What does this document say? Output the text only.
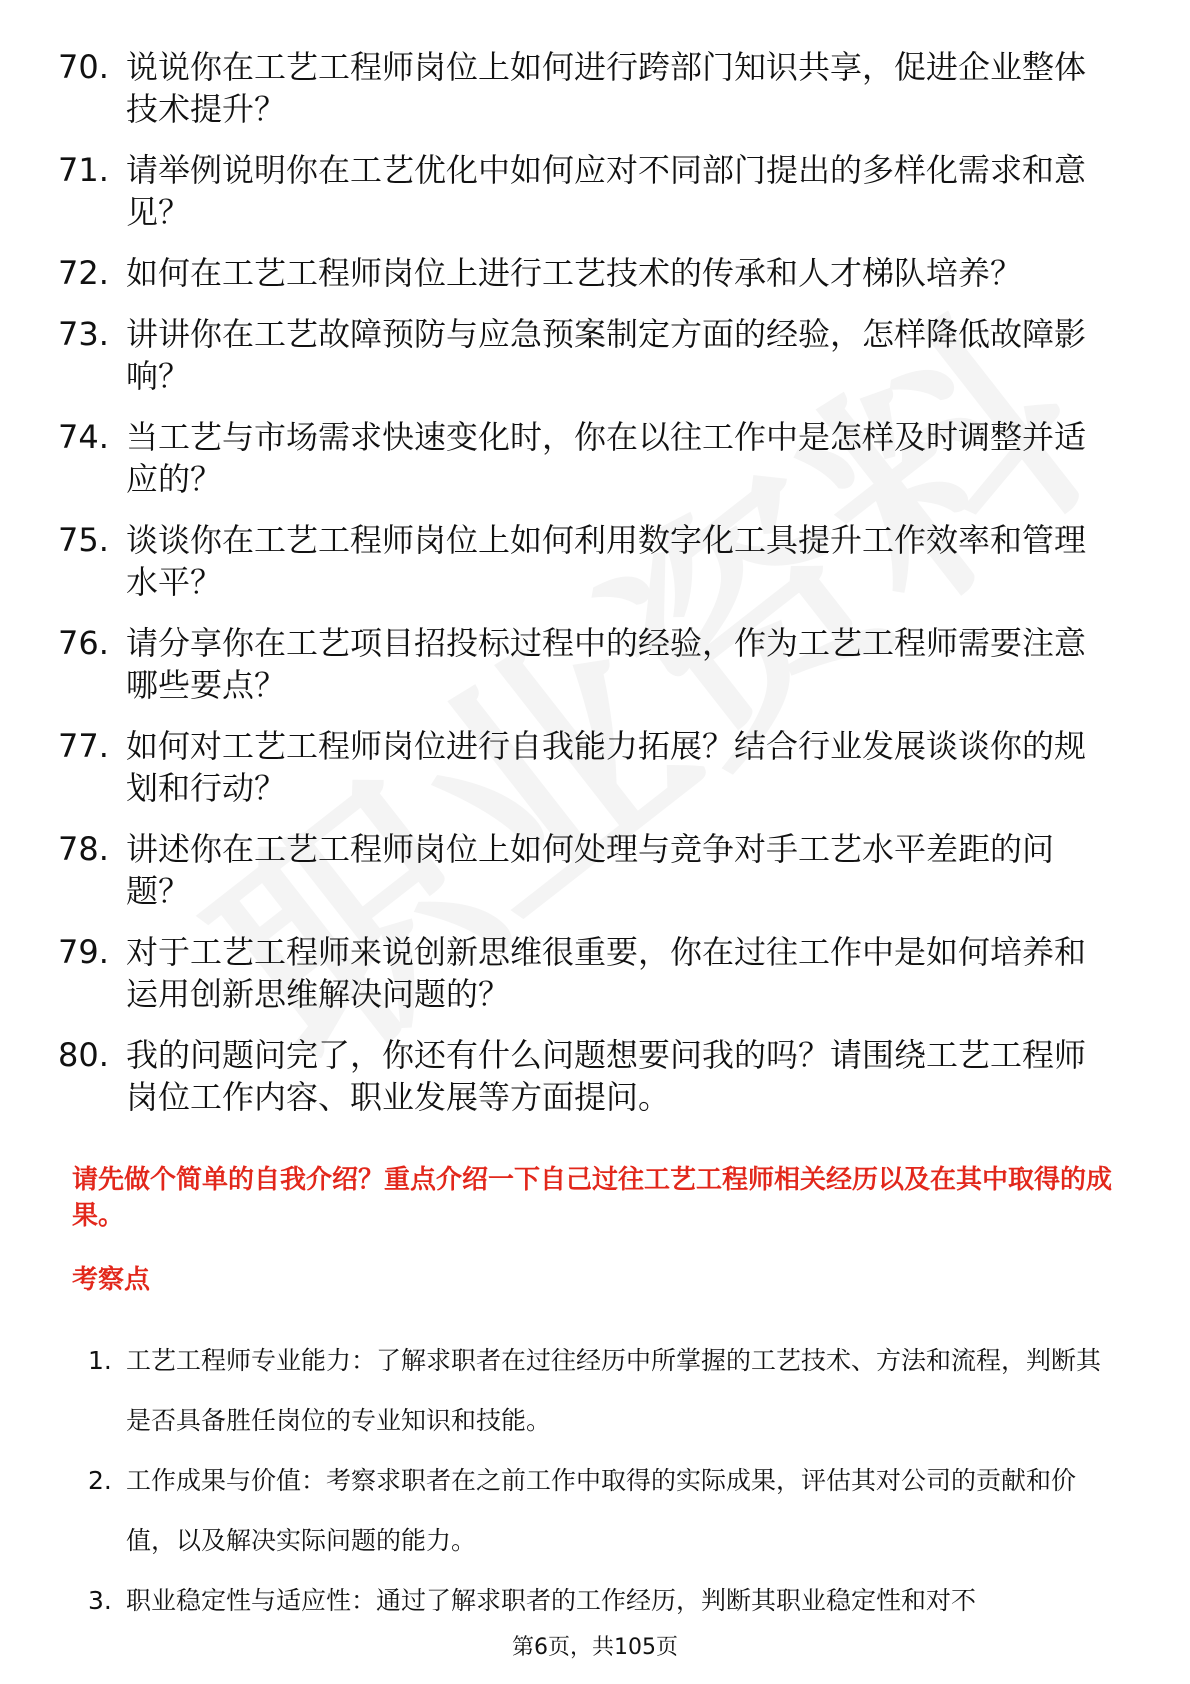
70. 说说你在工艺工程师岗位上如何进行跨部门知识共享，促进企业整体技术提升？
71. 请举例说明你在工艺优化中如何应对不同部门提出的多样化需求和意见？
72. 如何在工艺工程师岗位上进行工艺技术的传承和人才梯队培养？
73. 讲讲你在工艺故障预防与应急预案制定方面的经验，怎样降低故障影响？
74. 当工艺与市场需求快速变化时，你在以往工作中是怎样及时调整并适应的？
75. 谈谈你在工艺工程师岗位上如何利用数字化工具提升工作效率和管理水平？
76. 请分享你在工艺项目招投标过程中的经验，作为工艺工程师需要注意哪些要点？
77. 如何对工艺工程师岗位进行自我能力拓展？结合行业发展谈谈你的规划和行动？
78. 讲述你在工艺工程师岗位上如何处理与竞争对手工艺水平差距的问题？
79. 对于工艺工程师来说创新思维很重要，你在过往工作中是如何培养和运用创新思维解决问题的？
80. 我的问题问完了，你还有什么问题想要问我的吗？请围绕工艺工程师岗位工作内容、职业发展等方面提问。
请先做个简单的自我介绍？重点介绍一下自己过往工艺工程师相关经历以及在其中取得的成果。
考察点
1. 工艺工程师专业能力：了解求职者在过往经历中所掌握的工艺技术、方法和流程，判断其是否具备胜任岗位的专业知识和技能。
2. 工作成果与价值：考察求职者在之前工作中取得的实际成果，评估其对公司的贡献和价值，以及解决实际问题的能力。
3. 职业稳定性与适应性：通过了解求职者的工作经历，判断其职业稳定性和对不
第6页，共105页
